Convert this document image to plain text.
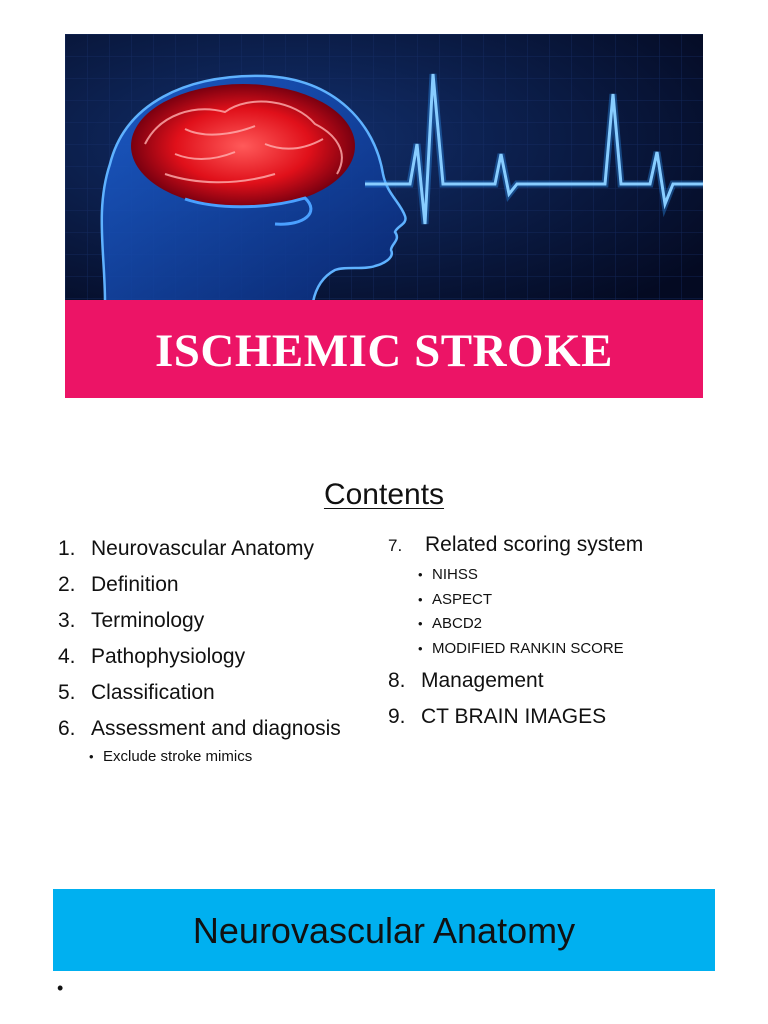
ISCHEMIC STROKE
Contents
1. Neurovascular Anatomy
2. Definition
3. Terminology
4. Pathophysiology
5. Classification
6. Assessment and diagnosis
• Exclude stroke mimics
7. Related scoring system
• NIHSS
• ASPECT
• ABCD2
• MODIFIED RANKIN SCORE
8. Management
9. CT BRAIN IMAGES
Neurovascular Anatomy
•
